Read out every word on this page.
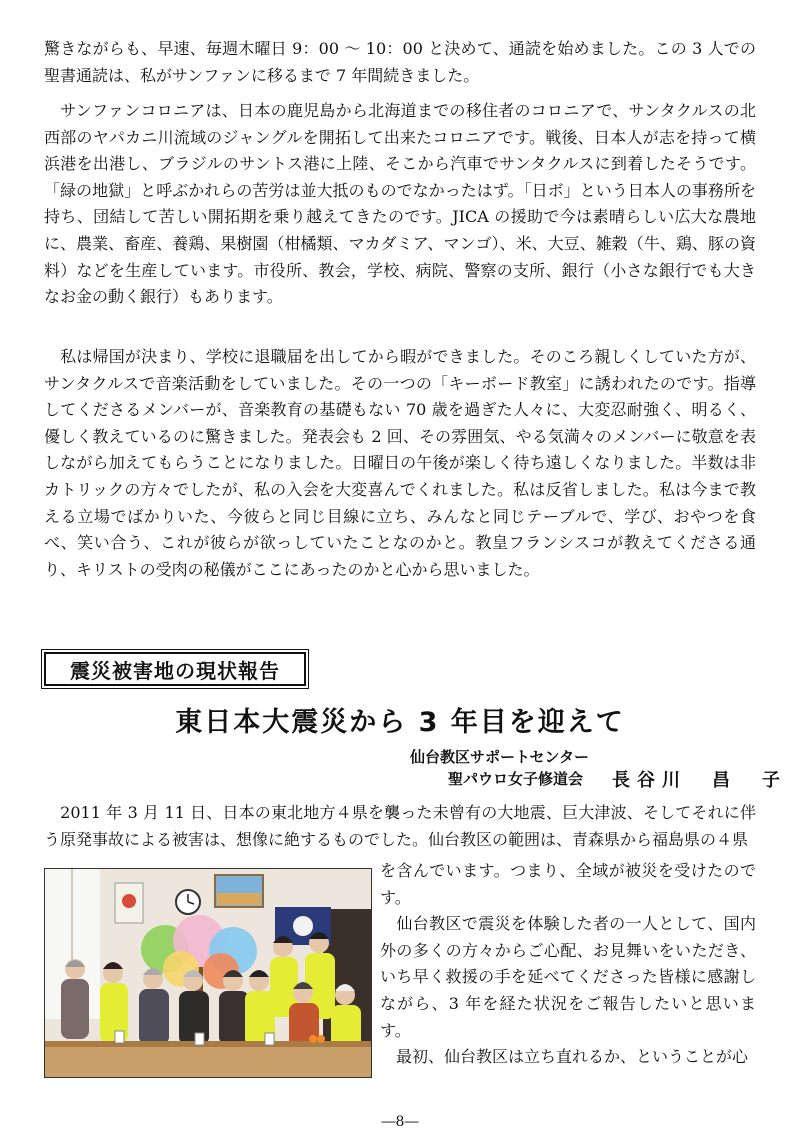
驚きながらも、早速、毎週木曜日 9：00 ～ 10：00 と決めて、通読を始めました。この 3 人での聖書通読は、私がサンファンに移るまで 7 年間続きました。

　サンファンコロニアは、日本の鹿児島から北海道までの移住者のコロニアで、サンタクルスの北西部のヤパカニ川流域のジャングルを開拓して出来たコロニアです。戦後、日本人が志を持って横浜港を出港し、ブラジルのサントス港に上陸、そこから汽車でサンタクルスに到着したそうです。「緑の地獄」と呼ぶかれらの苦労は並大抵のものでなかったはず。「日ボ」という日本人の事務所を持ち、団結して苦しい開拓期を乗り越えてきたのです。JICA の援助で今は素晴らしい広大な農地に、農業、畜産、養鶏、果樹園（柑橘類、マカダミア、マンゴ）、米、大豆、雑穀（牛、鶏、豚の資料）などを生産しています。市役所、教会，学校、病院、警察の支所、銀行（小さな銀行でも大きなお金の動く銀行）もあります。

　私は帰国が決まり、学校に退職届を出してから暇ができました。そのころ親しくしていた方が、サンタクルスで音楽活動をしていました。その一つの「キーボード教室」に誘われたのです。指導してくださるメンバーが、音楽教育の基礎もない 70 歳を過ぎた人々に、大変忍耐強く、明るく、優しく教えているのに驚きました。発表会も 2 回、その雰囲気、やる気満々のメンバーに敬意を表しながら加えてもらうことになりました。日曜日の午後が楽しく待ち遠しくなりました。半数は非カトリックの方々でしたが、私の入会を大変喜んでくれました。私は反省しました。私は今まで教える立場でばかりいた、今彼らと同じ目線に立ち、みんなと同じテーブルで、学び、おやつを食べ、笑い合う、これが彼らが欲っしていたことなのかと。教皇フランシスコが教えてくださる通り、キリストの受肉の秘儀がここにあったのかと心から思いました。

震災被害地の現状報告
東日本大震災から 3 年目を迎えて
仙台教区サポートセンター
聖パウロ女子修道会 長谷川　昌　子

　2011 年 3 月 11 日、日本の東北地方４県を襲った未曾有の大地震、巨大津波、そしてそれに伴う原発事故による被害は、想像に絶するものでした。仙台教区の範囲は、青森県から福島県の４県

を含んでいます。つまり、全域が被災を受けたのです。

　仙台教区で震災を体験した者の一人として、国内外の多くの方々からご心配、お見舞いをいただき、いち早く救援の手を延べてくださった皆様に感謝しながら、3 年を経た状況をご報告したいと思います。

　最初、仙台教区は立ち直れるか、ということが心

―8―
